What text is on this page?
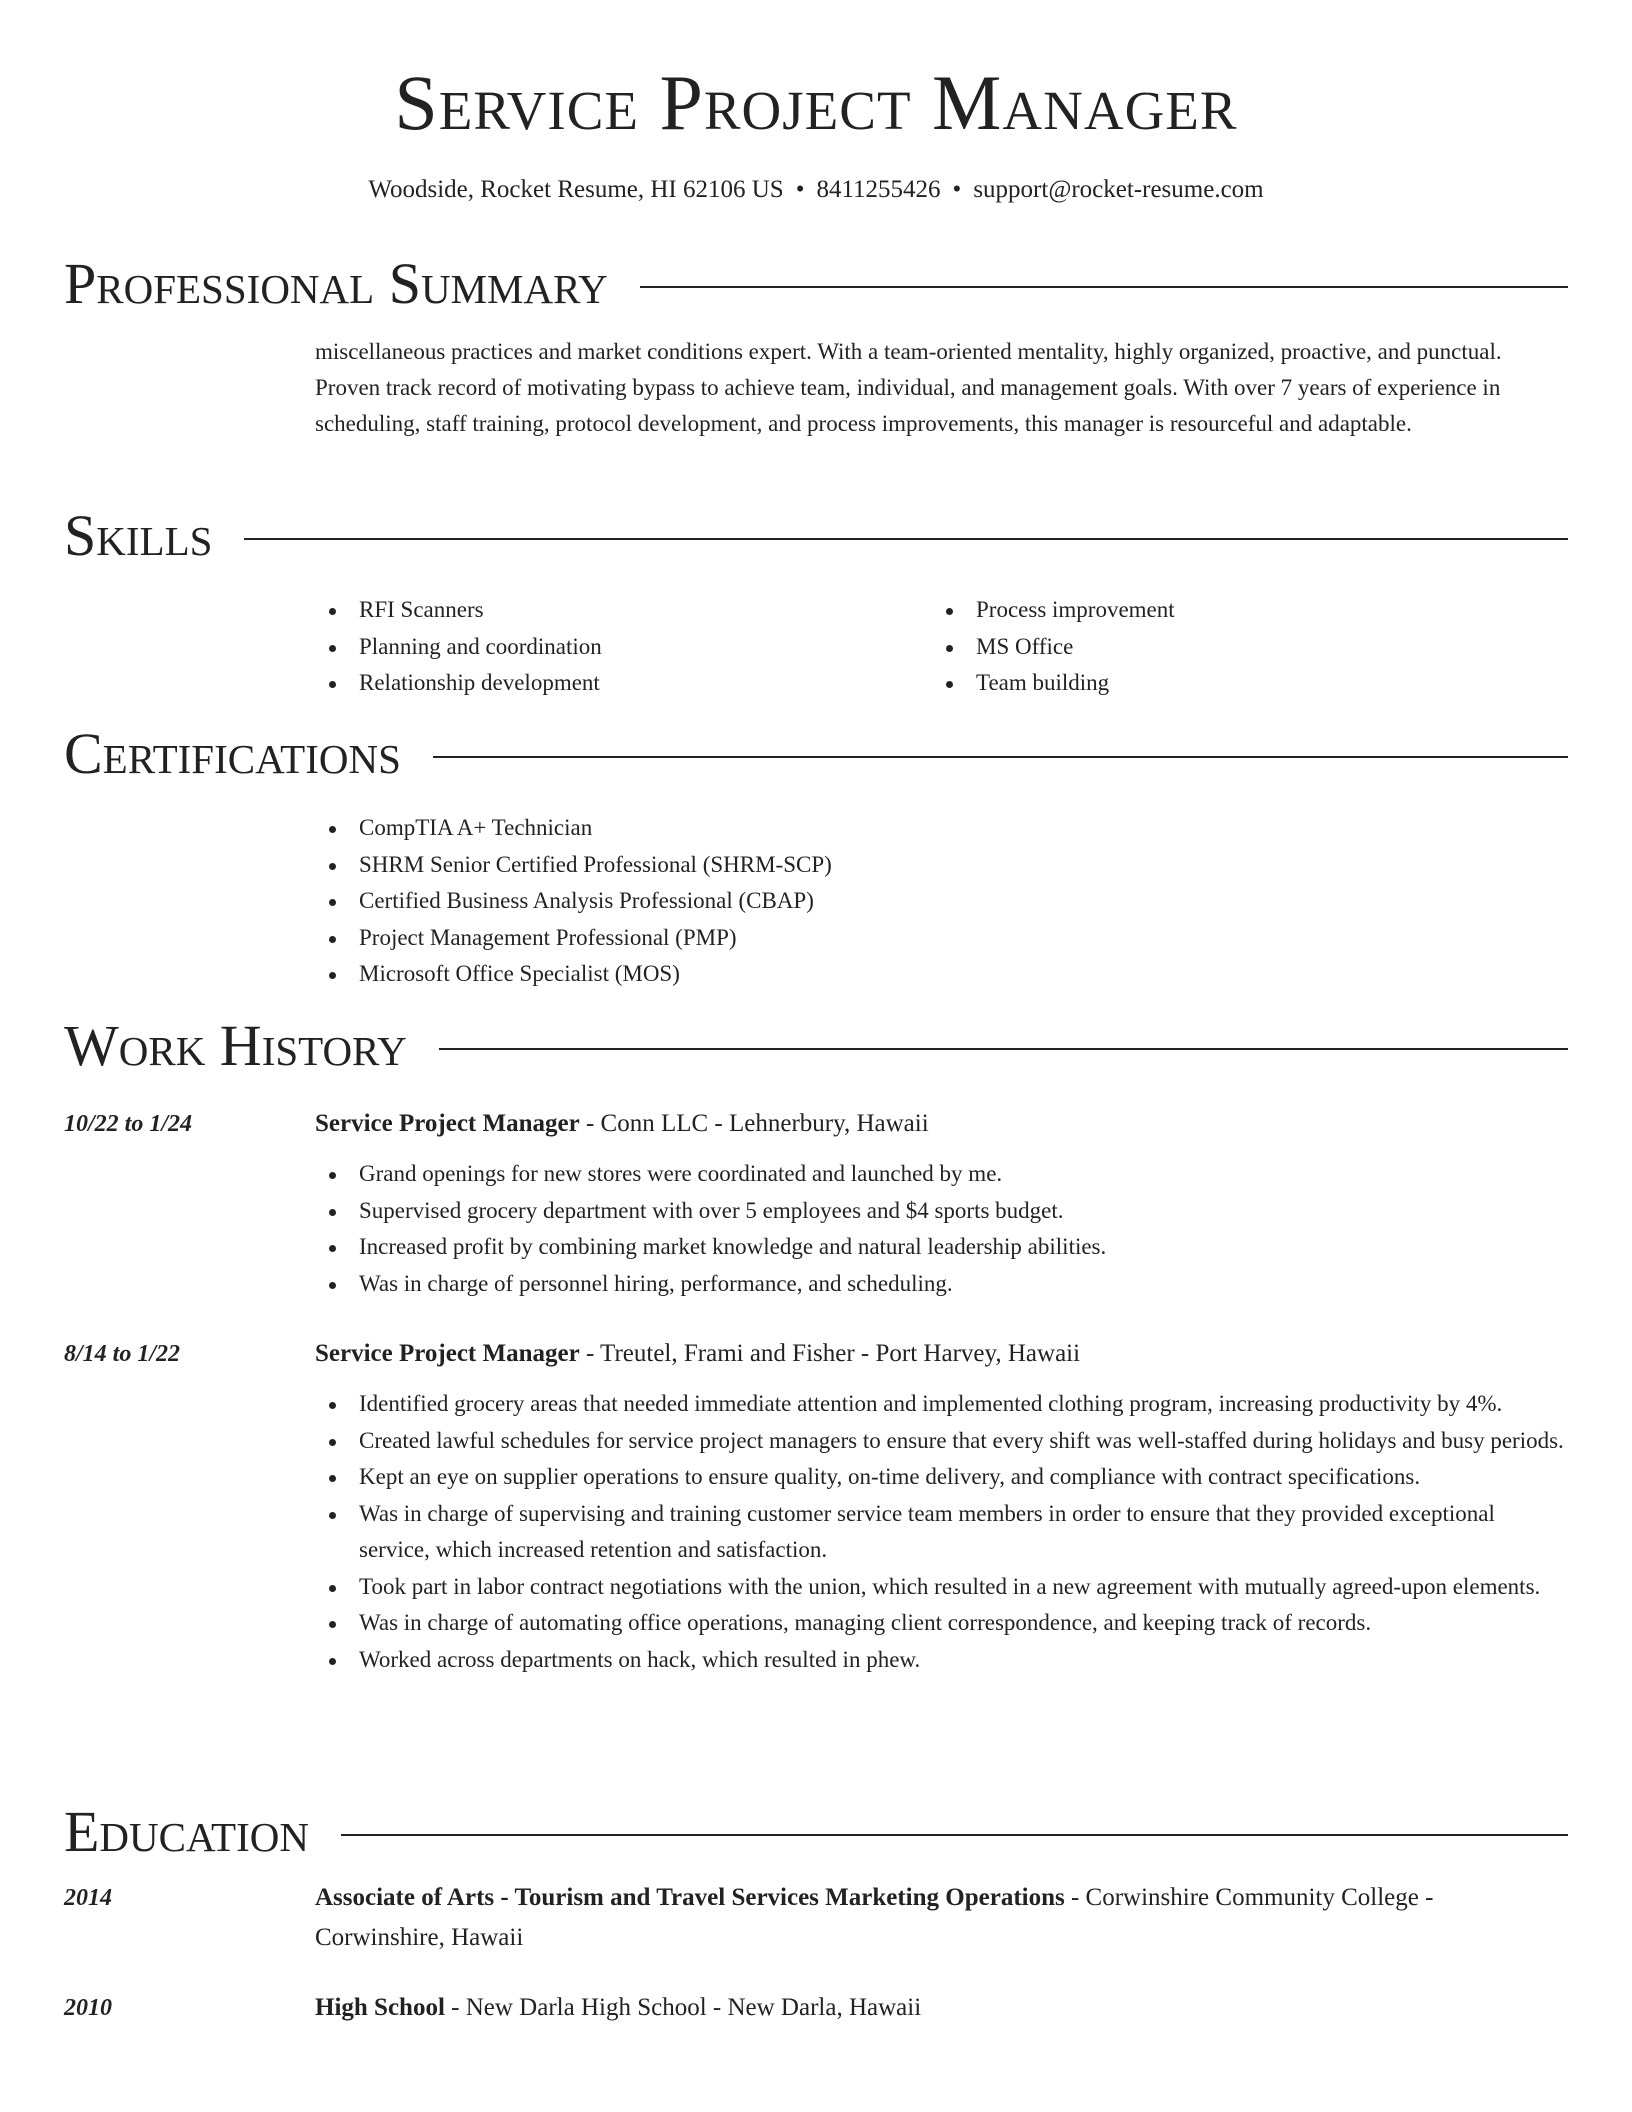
Service Project Manager
Woodside, Rocket Resume, HI 62106 US • 8411255426 • support@rocket-resume.com
Professional Summary

miscellaneous practices and market conditions expert. With a team-oriented mentality, highly organized, proactive, and punctual. Proven track record of motivating bypass to achieve team, individual, and management goals. With over 7 years of experience in scheduling, staff training, protocol development, and process improvements, this manager is resourceful and adaptable.

Skills
RFI Scanners
Planning and coordination
Relationship development
Process improvement
MS Office
Team building
Certifications
CompTIA A+ Technician
SHRM Senior Certified Professional (SHRM-SCP)
Certified Business Analysis Professional (CBAP)
Project Management Professional (PMP)
Microsoft Office Specialist (MOS)
Work History
10/22 to 1/24	Service Project Manager - Conn LLC - Lehnerbury, Hawaii
Grand openings for new stores were coordinated and launched by me.
Supervised grocery department with over 5 employees and $4 sports budget.
Increased profit by combining market knowledge and natural leadership abilities.
Was in charge of personnel hiring, performance, and scheduling.
8/14 to 1/22	Service Project Manager - Treutel, Frami and Fisher - Port Harvey, Hawaii
Identified grocery areas that needed immediate attention and implemented clothing program, increasing productivity by 4%.
Created lawful schedules for service project managers to ensure that every shift was well-staffed during holidays and busy periods.
Kept an eye on supplier operations to ensure quality, on-time delivery, and compliance with contract specifications.
Was in charge of supervising and training customer service team members in order to ensure that they provided exceptional service, which increased retention and satisfaction.
Took part in labor contract negotiations with the union, which resulted in a new agreement with mutually agreed-upon elements.
Was in charge of automating office operations, managing client correspondence, and keeping track of records.
Worked across departments on hack, which resulted in phew.
Education
2014	Associate of Arts - Tourism and Travel Services Marketing Operations - Corwinshire Community College - Corwinshire, Hawaii
2010	High School - New Darla High School - New Darla, Hawaii
